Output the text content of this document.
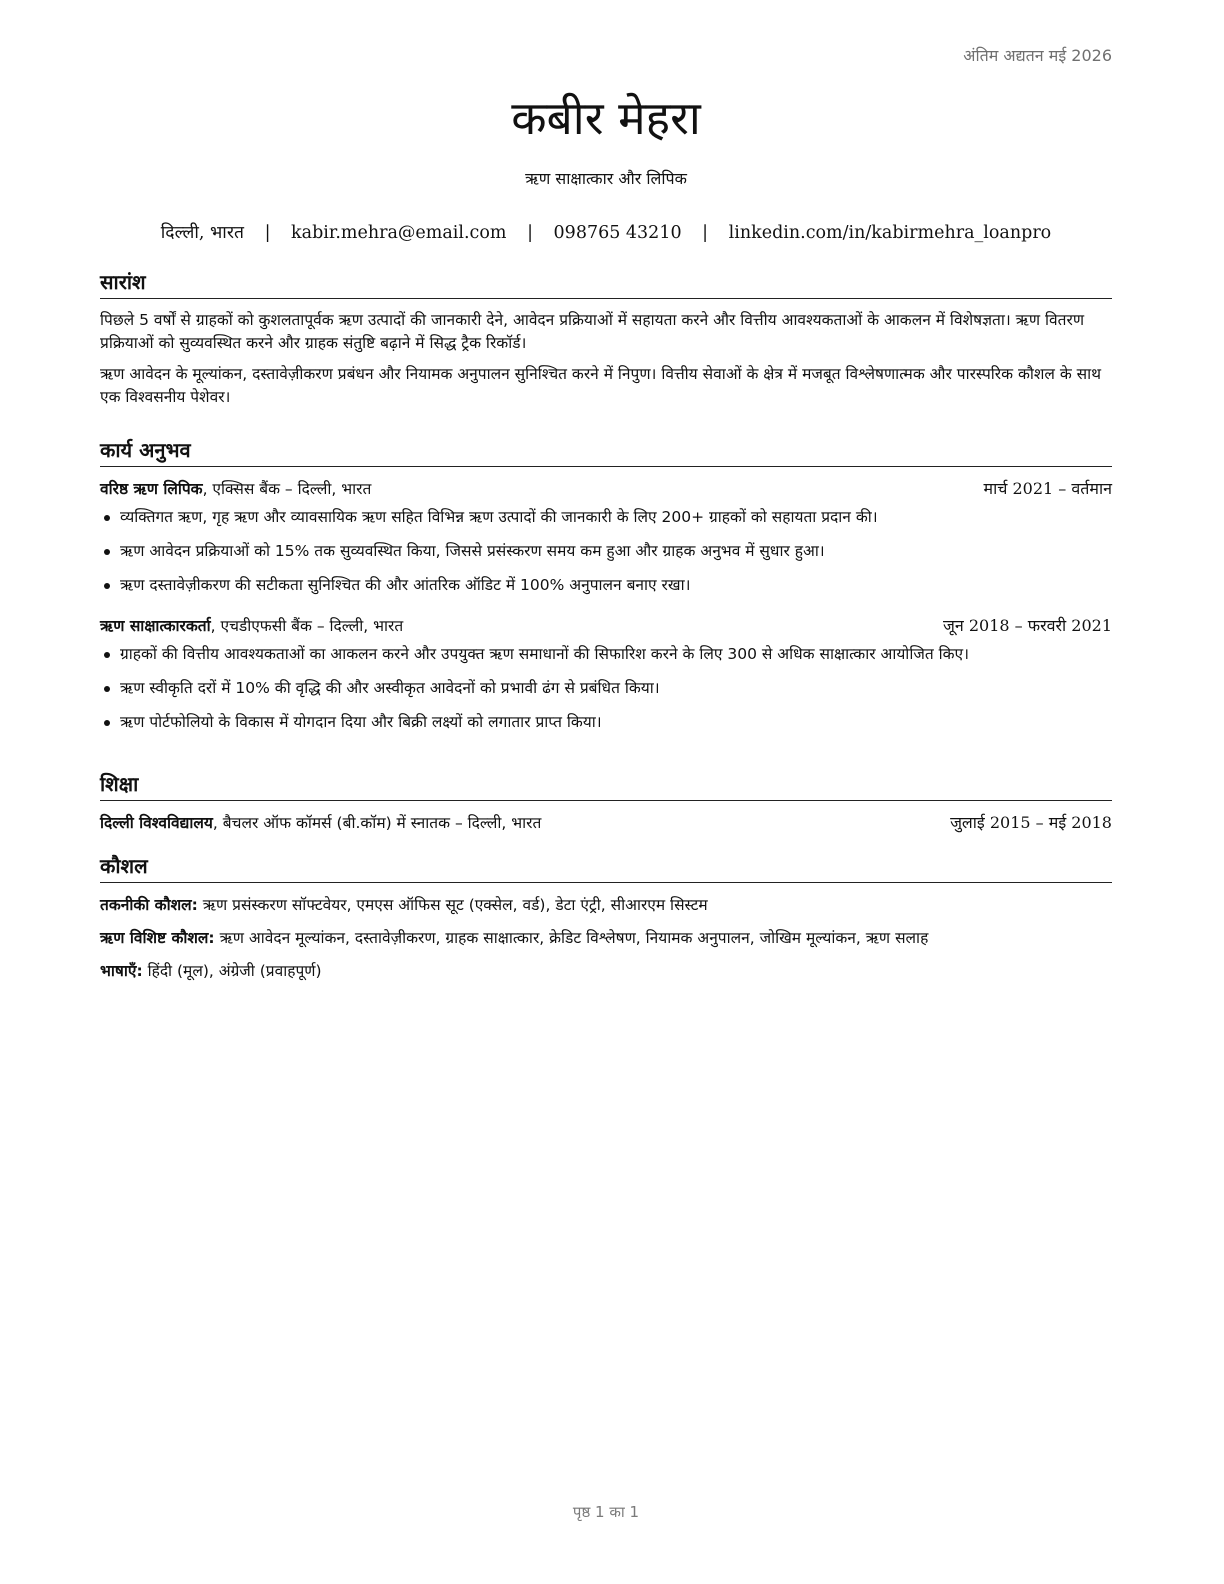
अंतिम अद्यतन मई 2026
कबीर मेहरा
ऋण साक्षात्कार और लिपिक
दिल्ली, भारत | kabir.mehra@email.com | 098765 43210 | linkedin.com/in/kabirmehra_loanpro
सारांश

पिछले 5 वर्षों से ग्राहकों को कुशलतापूर्वक ऋण उत्पादों की जानकारी देने, आवेदन प्रक्रियाओं में सहायता करने और वित्तीय आवश्यकताओं के आकलन में विशेषज्ञता। ऋण वितरण प्रक्रियाओं को सुव्यवस्थित करने और ग्राहक संतुष्टि बढ़ाने में सिद्ध ट्रैक रिकॉर्ड।

ऋण आवेदन के मूल्यांकन, दस्तावेज़ीकरण प्रबंधन और नियामक अनुपालन सुनिश्चित करने में निपुण। वित्तीय सेवाओं के क्षेत्र में मजबूत विश्लेषणात्मक और पारस्परिक कौशल के साथ एक विश्वसनीय पेशेवर।

कार्य अनुभव
वरिष्ठ ऋण लिपिक, एक्सिस बैंक – दिल्ली, भारत	मार्च 2021 – वर्तमान
व्यक्तिगत ऋण, गृह ऋण और व्यावसायिक ऋण सहित विभिन्न ऋण उत्पादों की जानकारी के लिए 200+ ग्राहकों को सहायता प्रदान की।
ऋण आवेदन प्रक्रियाओं को 15% तक सुव्यवस्थित किया, जिससे प्रसंस्करण समय कम हुआ और ग्राहक अनुभव में सुधार हुआ।
ऋण दस्तावेज़ीकरण की सटीकता सुनिश्चित की और आंतरिक ऑडिट में 100% अनुपालन बनाए रखा।
ऋण साक्षात्कारकर्ता, एचडीएफसी बैंक – दिल्ली, भारत	जून 2018 – फरवरी 2021
ग्राहकों की वित्तीय आवश्यकताओं का आकलन करने और उपयुक्त ऋण समाधानों की सिफारिश करने के लिए 300 से अधिक साक्षात्कार आयोजित किए।
ऋण स्वीकृति दरों में 10% की वृद्धि की और अस्वीकृत आवेदनों को प्रभावी ढंग से प्रबंधित किया।
ऋण पोर्टफोलियो के विकास में योगदान दिया और बिक्री लक्ष्यों को लगातार प्राप्त किया।
शिक्षा
दिल्ली विश्वविद्यालय, बैचलर ऑफ कॉमर्स (बी.कॉम) में स्नातक – दिल्ली, भारत	जुलाई 2015 – मई 2018
कौशल
तकनीकी कौशल: ऋण प्रसंस्करण सॉफ्टवेयर, एमएस ऑफिस सूट (एक्सेल, वर्ड), डेटा एंट्री, सीआरएम सिस्टम
ऋण विशिष्ट कौशल: ऋण आवेदन मूल्यांकन, दस्तावेज़ीकरण, ग्राहक साक्षात्कार, क्रेडिट विश्लेषण, नियामक अनुपालन, जोखिम मूल्यांकन, ऋण सलाह
भाषाएँ: हिंदी (मूल), अंग्रेजी (प्रवाहपूर्ण)
पृष्ठ 1 का 1
